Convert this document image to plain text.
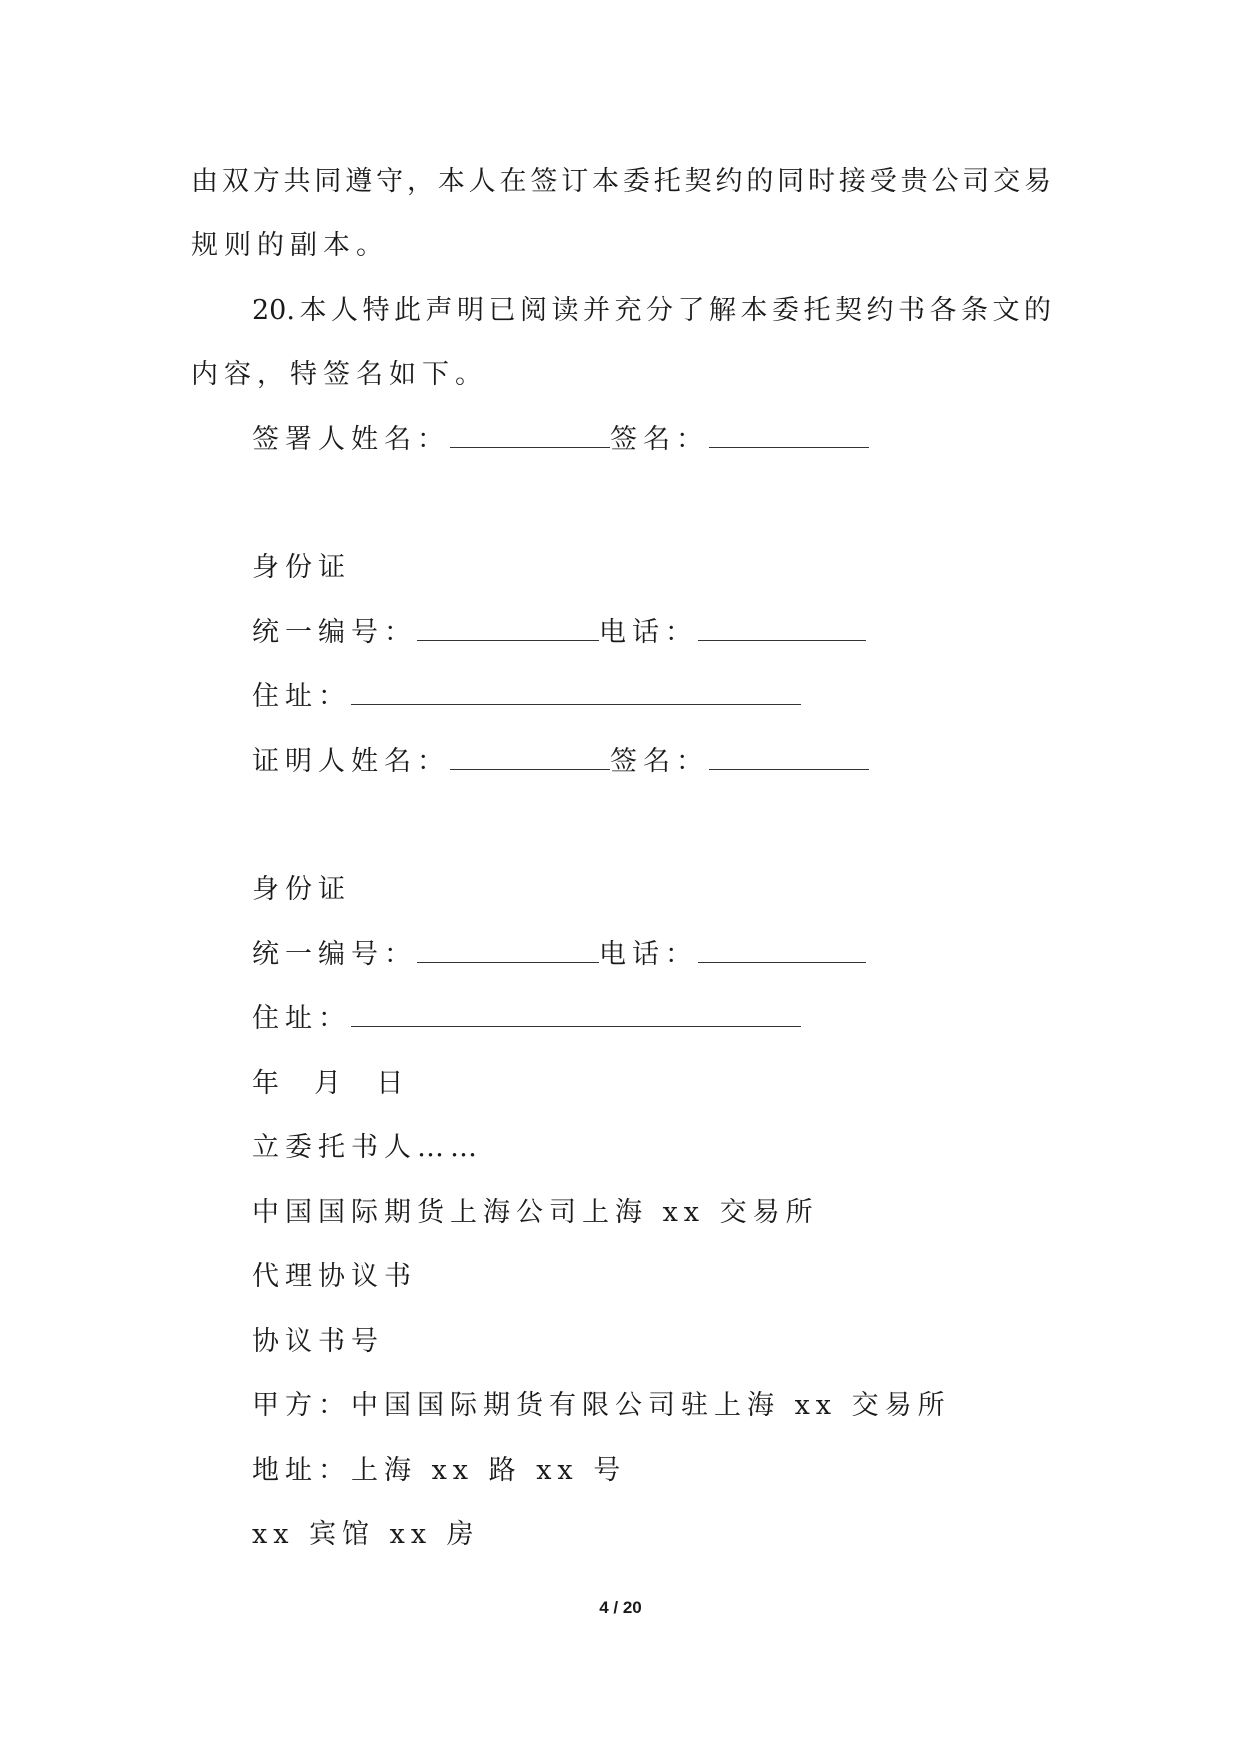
由双方共同遵守，本人在签订本委托契约的同时接受贵公司交易
规则的副本。
20.本人特此声明已阅读并充分了解本委托契约书各条文的
内容，特签名如下。
签署人姓名：	签名：
身份证
统一编号：	电话：
住址：
证明人姓名：	签名：
身份证
统一编号：	电话：
住址：
年  月  日
立委托书人……
中国国际期货上海公司上海 xx 交易所
代理协议书
协议书号
甲方：中国国际期货有限公司驻上海 xx 交易所
地址：上海 xx 路 xx 号
xx 宾馆 xx 房
4 / 20
